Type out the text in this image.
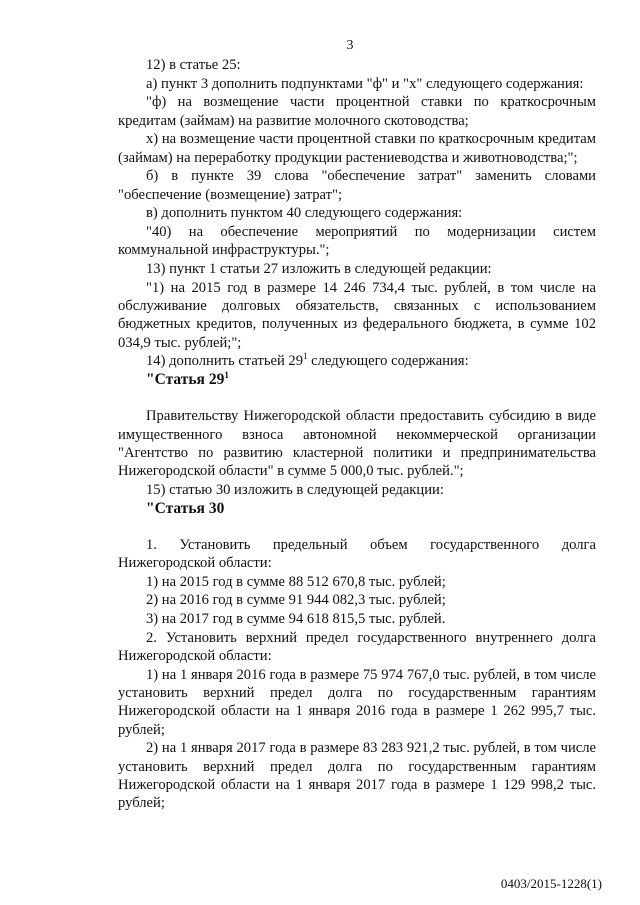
3

12) в статье 25:

а) пункт 3 дополнить подпунктами "ф" и "х" следующего содержания:

"ф) на возмещение части процентной ставки по краткосрочным кредитам (займам) на развитие молочного скотоводства;

х) на возмещение части процентной ставки по краткосрочным кредитам (займам) на переработку продукции растениеводства и животноводства;";

б) в пункте 39 слова "обеспечение затрат" заменить словами "обеспечение (возмещение) затрат";

в) дополнить пунктом 40 следующего содержания:

"40) на обеспечение мероприятий по модернизации систем коммунальной инфраструктуры.";

13) пункт 1 статьи 27 изложить в следующей редакции:

"1) на 2015 год в размере 14 246 734,4 тыс. рублей, в том числе на обслуживание долговых обязательств, связанных с использованием бюджетных кредитов, полученных из федерального бюджета, в сумме 102 034,9 тыс. рублей;";

14) дополнить статьей $29^1$ следующего содержания:

"Статья $29^1$

Правительству Нижегородской области предоставить субсидию в виде имущественного взноса автономной некоммерческой организации "Агентство по развитию кластерной политики и предпринимательства Нижегородской области" в сумме 5 000,0 тыс. рублей.";

15) статью 30 изложить в следующей редакции:

"Статья 30

1. Установить предельный объем государственного долга Нижегородской области:

1) на 2015 год в сумме 88 512 670,8 тыс. рублей;

2) на 2016 год в сумме 91 944 082,3 тыс. рублей;

3) на 2017 год в сумме 94 618 815,5 тыс. рублей.

2. Установить верхний предел государственного внутреннего долга Нижегородской области:

1) на 1 января 2016 года в размере 75 974 767,0 тыс. рублей, в том числе установить верхний предел долга по государственным гарантиям Нижегородской области на 1 января 2016 года в размере 1 262 995,7 тыс. рублей;

2) на 1 января 2017 года в размере 83 283 921,2 тыс. рублей, в том числе установить верхний предел долга по государственным гарантиям Нижегородской области на 1 января 2017 года в размере 1 129 998,2 тыс. рублей;

0403/2015-1228(1)
